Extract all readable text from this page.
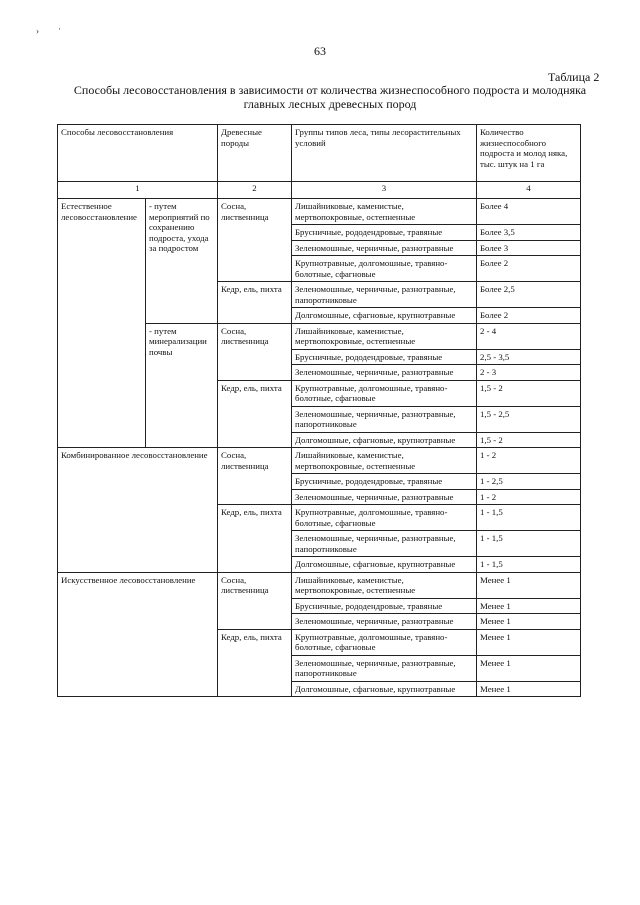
› ·
63
Таблица 2
Способы лесовосстановления в зависимости от количества жизнеспособного подроста и молодняка главных лесных древесных пород
Способы лесовосстановления		Древесные породы	Группы типов леса, типы лесорастительных условий	Количество жизнеспособного подроста и молод няка, тыс. штук на 1 га
1		2	3	4
Естественное лесовосстановление	- путем мероприятий по сохранению подроста, ухода за подростом	Сосна, лиственница	Лишайниковые, каменистые, мертвопокровные, остепненные	Более 4
			Брусничные, рододендровые, травяные	Более 3,5
			Зеленомошные, черничные, разнотравные	Более 3
			Крупнотравные, долгомошные, травяно-болотные, сфагновые	Более 2
		Кедр, ель, пихта	Зеленомошные, черничные, разнотравные, папоротниковые	Более 2,5
			Долгомошные, сфагновые, крупнотравные	Более 2
	- путем минерализации почвы	Сосна, лиственница	Лишайниковые, каменистые, мертвопокровные, остепненные	2 - 4
			Брусничные, рододендровые, травяные	2,5 - 3,5
			Зеленомошные, черничные, разнотравные	2 - 3
		Кедр, ель, пихта	Крупнотравные, долгомошные, травяно-болотные, сфагновые	1,5 - 2
			Зеленомошные, черничные, разнотравные, папоротниковые	1,5 - 2,5
			Долгомошные, сфагновые, крупнотравные	1,5 - 2
Комбинированное лесовосстановление		Сосна, лиственница	Лишайниковые, каменистые, мертвопокровные, остепненные	1 - 2
			Брусничные, рододендровые, травяные	1 - 2,5
			Зеленомошные, черничные, разнотравные	1 - 2
		Кедр, ель, пихта	Крупнотравные, долгомошные, травяно-болотные, сфагновые	1 - 1,5
			Зеленомошные, черничные, разнотравные, папоротниковые	1 - 1,5
			Долгомошные, сфагновые, крупнотравные	1 - 1,5
Искусственное лесовосстановление		Сосна, лиственница	Лишайниковые, каменистые, мертвопокровные, остепненные	Менее 1
			Брусничные, рододендровые, травяные	Менее 1
			Зеленомошные, черничные, разнотравные	Менее 1
		Кедр, ель, пихта	Крупнотравные, долгомошные, травяно-болотные, сфагновые	Менее 1
			Зеленомошные, черничные, разнотравные, папоротниковые	Менее 1
			Долгомошные, сфагновые, крупнотравные	Менее 1
